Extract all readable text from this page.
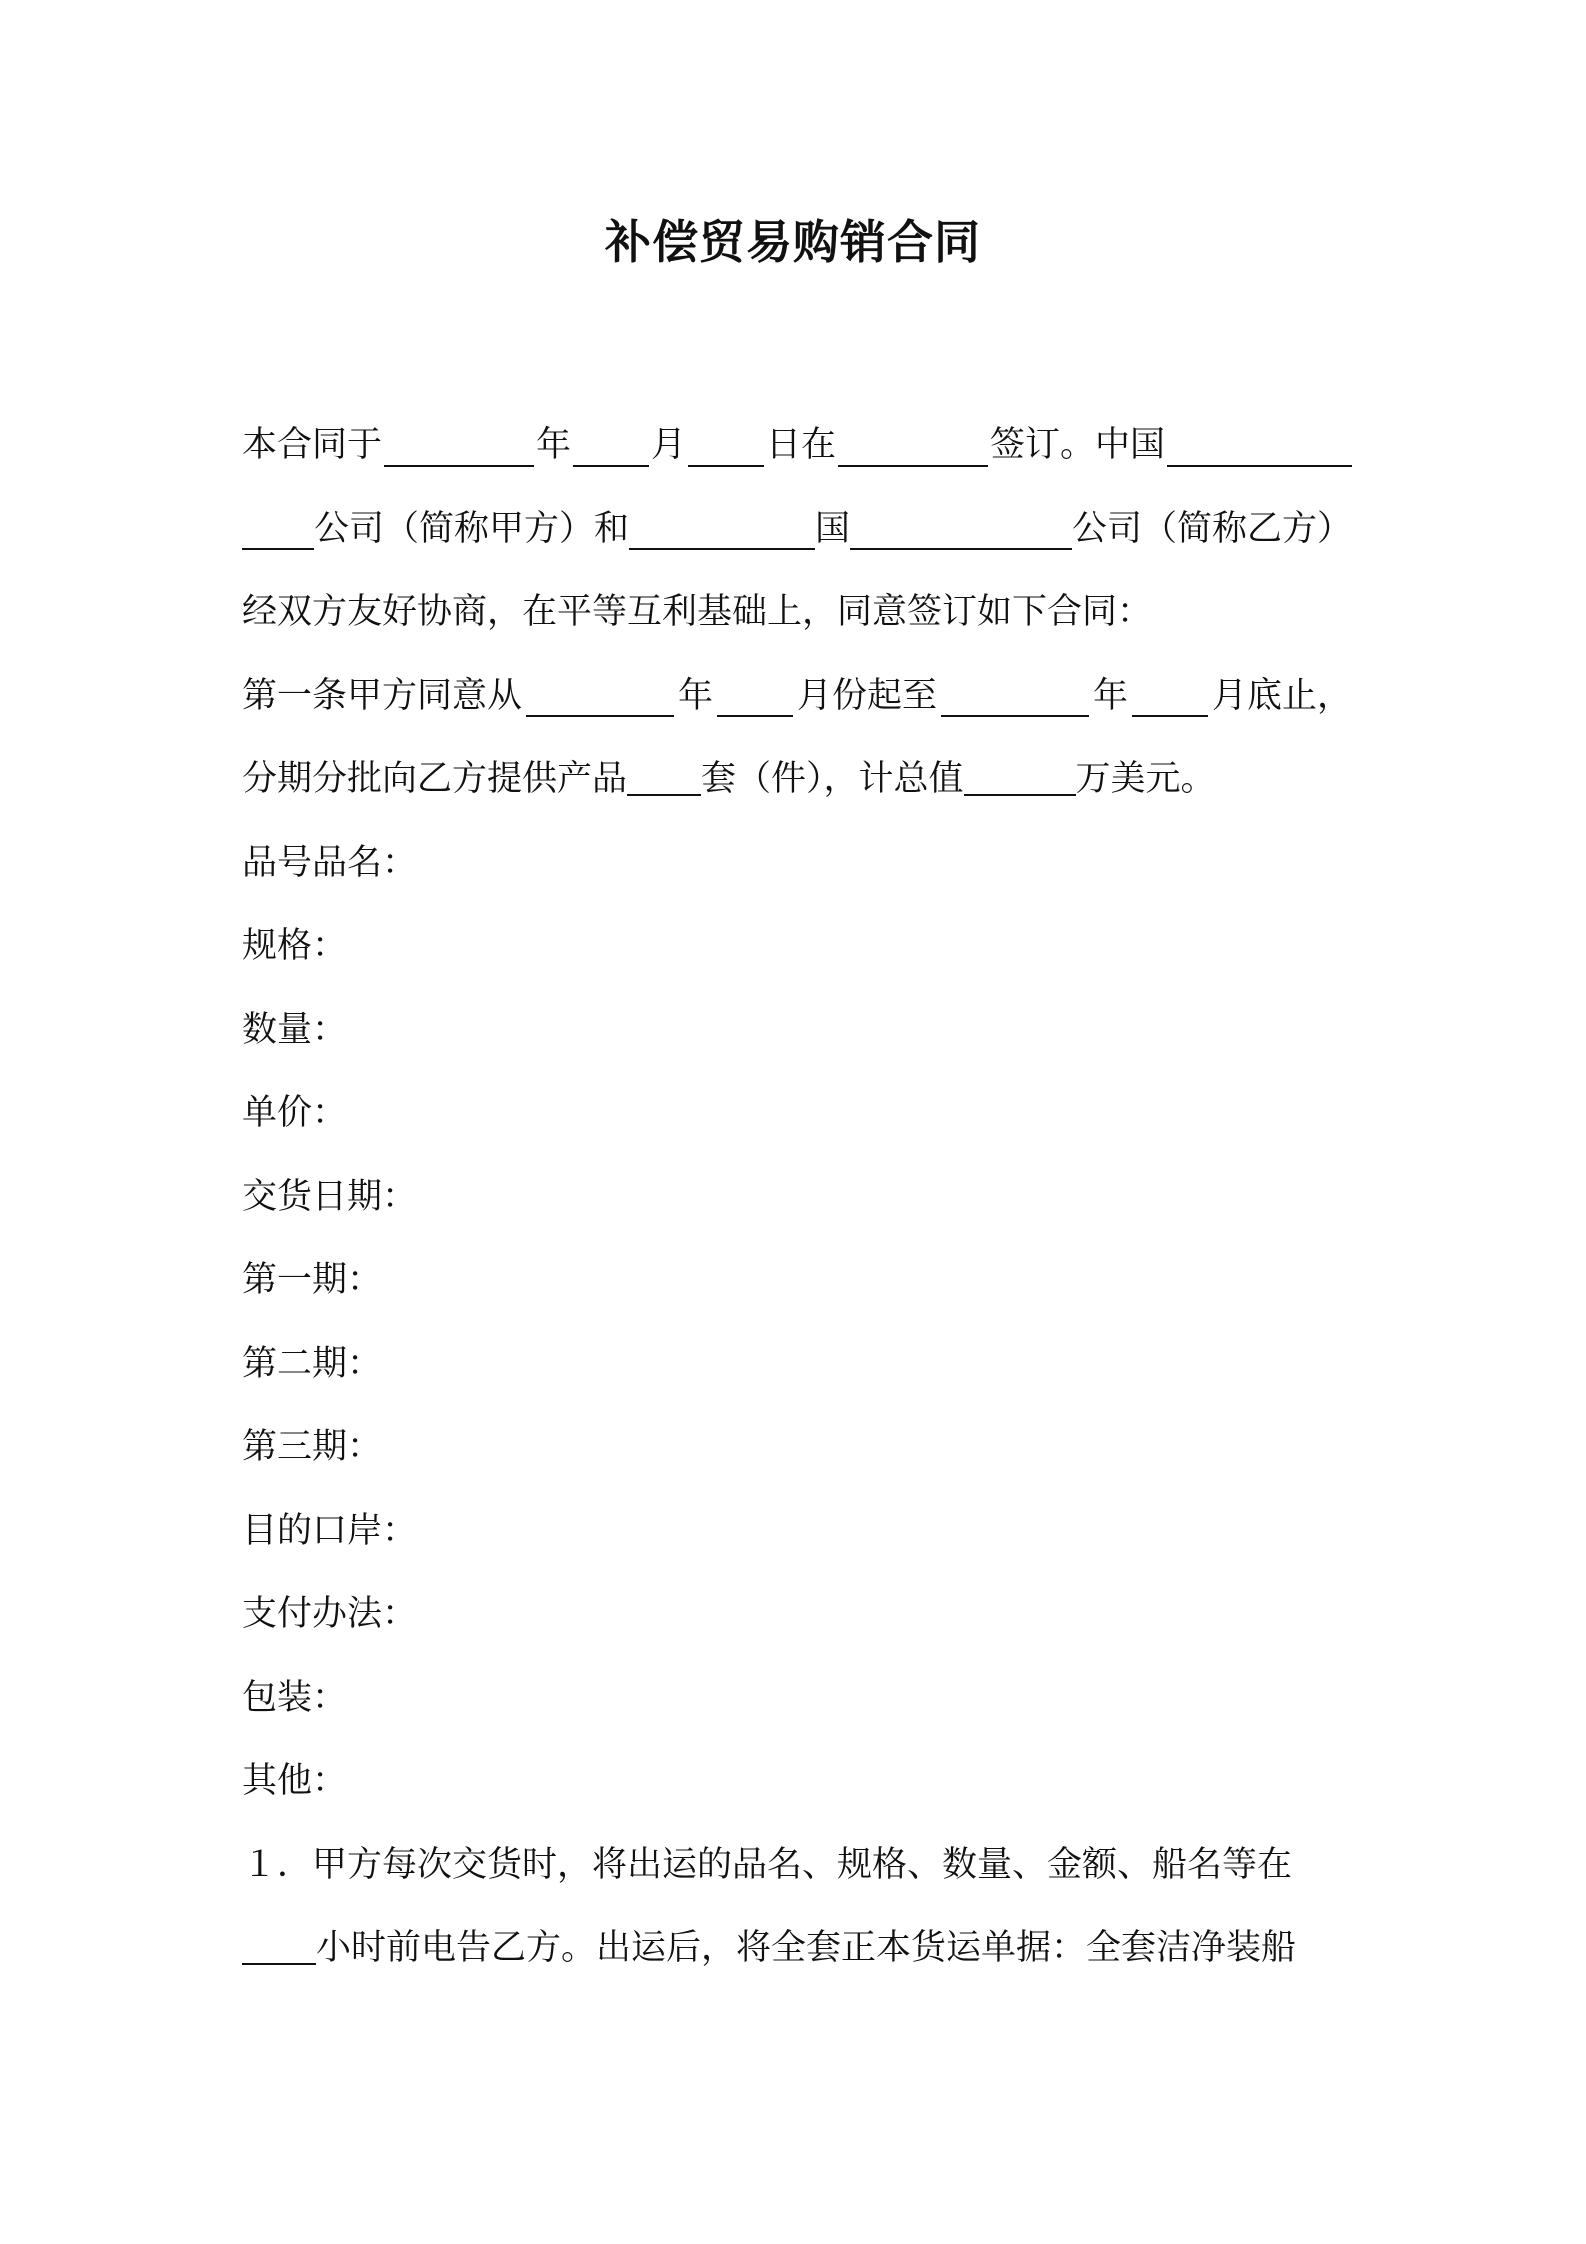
补偿贸易购销合同
本合同于	年 月 日在	签订。中国
公司（简称甲方）和	国	公司（简称乙方）
经双方友好协商，在平等互利基础上，同意签订如下合同：
第一条甲方同意从	年 月份起至	年 月底止，
分期分批向乙方提供产品 套（件），计总值	万美元。
品号品名：
规格：
数量：
单价：
交货日期：
第一期：
第二期：
第三期：
目的口岸：
支付办法：
包装：
其他：
１．甲方每次交货时，将出运的品名、规格、数量、金额、船名等在
小时前电告乙方。出运后，将全套正本货运单据：全套洁净装船
